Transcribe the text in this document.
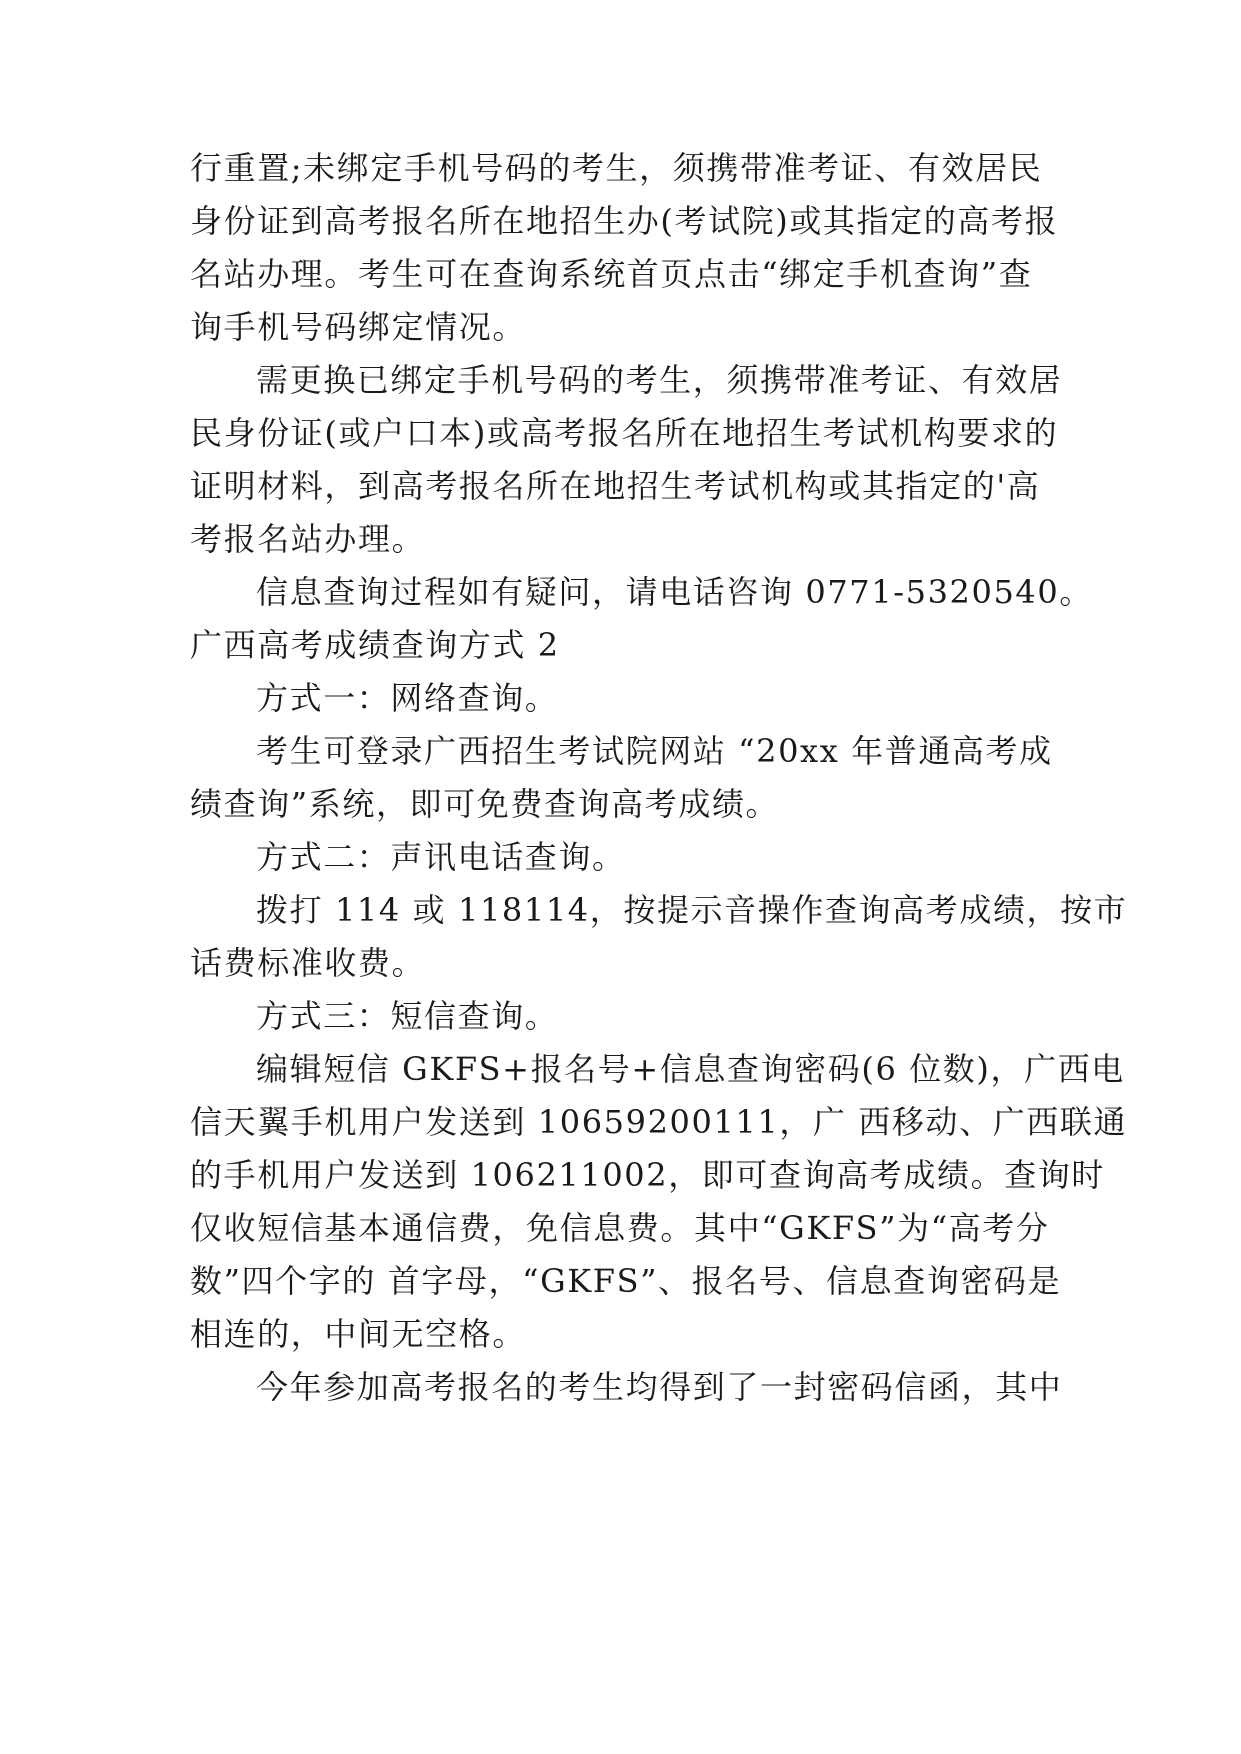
行重置;未绑定手机号码的考生，须携带准考证、有效居民
身份证到高考报名所在地招生办(考试院)或其指定的高考报
名站办理。考生可在查询系统首页点击“绑定手机查询”查
询手机号码绑定情况。
需更换已绑定手机号码的考生，须携带准考证、有效居
民身份证(或户口本)或高考报名所在地招生考试机构要求的
证明材料，到高考报名所在地招生考试机构或其指定的'高
考报名站办理。
信息查询过程如有疑问，请电话咨询 0771-5320540。
广西高考成绩查询方式 2
方式一：网络查询。
考生可登录广西招生考试院网站 “20xx 年普通高考成
绩查询”系统，即可免费查询高考成绩。
方式二：声讯电话查询。
拨打 114 或 118114，按提示音操作查询高考成绩，按市
话费标准收费。
方式三：短信查询。
编辑短信 GKFS+报名号+信息查询密码(6 位数)，广西电
信天翼手机用户发送到 10659200111，广 西移动、广西联通
的手机用户发送到 106211002，即可查询高考成绩。查询时
仅收短信基本通信费，免信息费。其中“GKFS”为“高考分
数”四个字的 首字母，“GKFS”、报名号、信息查询密码是
相连的，中间无空格。
今年参加高考报名的考生均得到了一封密码信函，其中
